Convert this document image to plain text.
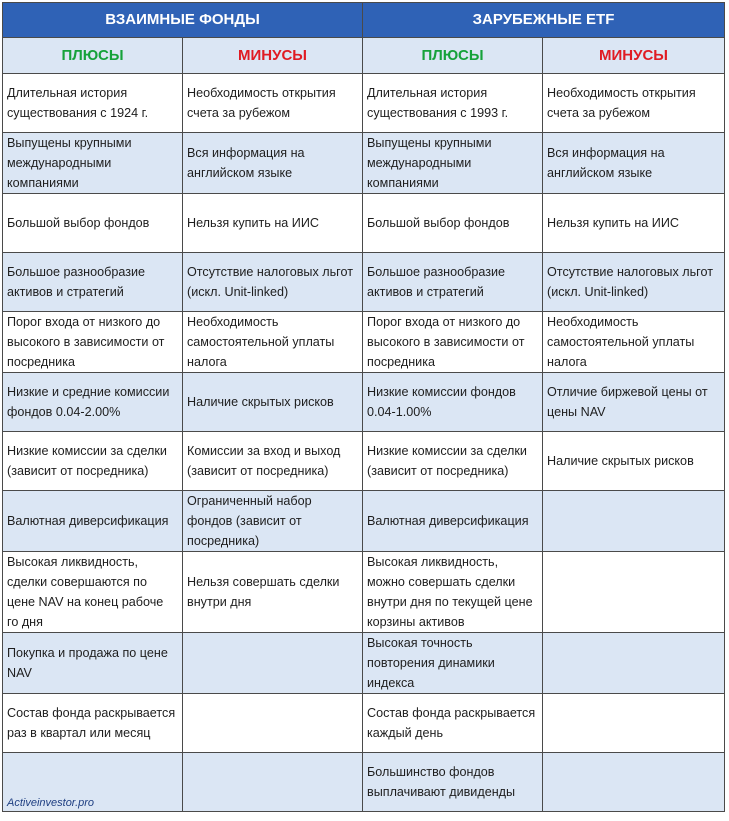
ВЗАИМНЫЕ ФОНДЫ		ЗАРУБЕЖНЫЕ ETF	
ПЛЮСЫ	МИНУСЫ	ПЛЮСЫ	МИНУСЫ
Длительная история существования с 1924 г.	Необходимость открытия счета за рубежом	Длительная история существования с 1993 г.	Необходимость открытия счета за рубежом
Выпущены крупными международными компаниями	Вся информация на английском языке	Выпущены крупными международными компаниями	Вся информация на английском языке
Большой выбор фондов	Нельзя купить на ИИС	Большой выбор фондов	Нельзя купить на ИИС
Большое разнообразие активов и стратегий	Отсутствие налоговых льгот (искл. Unit-linked)	Большое разнообразие активов и стратегий	Отсутствие налоговых льгот (искл. Unit-linked)
Порог входа от низкого до высокого в зависимости от посредника	Необходимость самостоятельной уплаты налога	Порог входа от низкого до высокого в зависимости от посредника	Необходимость самостоятельной уплаты налога
Низкие и средние комиссии фондов 0.04-2.00%	Наличие скрытых рисков	Низкие комиссии фондов 0.04-1.00%	Отличие биржевой цены от цены NAV
Низкие комиссии за сделки (зависит от посредника)	Комиссии за вход и выход (зависит от посредника)	Низкие комиссии за сделки (зависит от посредника)	Наличие скрытых рисков
Валютная диверсификация	Ограниченный набор фондов (зависит от посредника)	Валютная диверсификация	
Высокая ликвидность, сделки совершаются по цене NAV на конец рабоче го дня	Нельзя совершать сделки внутри дня	Высокая ликвидность, можно совершать сделки внутри дня по текущей цене корзины активов	
Покупка и продажа по цене NAV		Высокая точность повторения динамики индекса	
Состав фонда раскрывается раз в квартал или месяц		Состав фонда раскрывается каждый день	
		Большинство фондов выплачивают дивиденды	
Activeinvestor.pro
